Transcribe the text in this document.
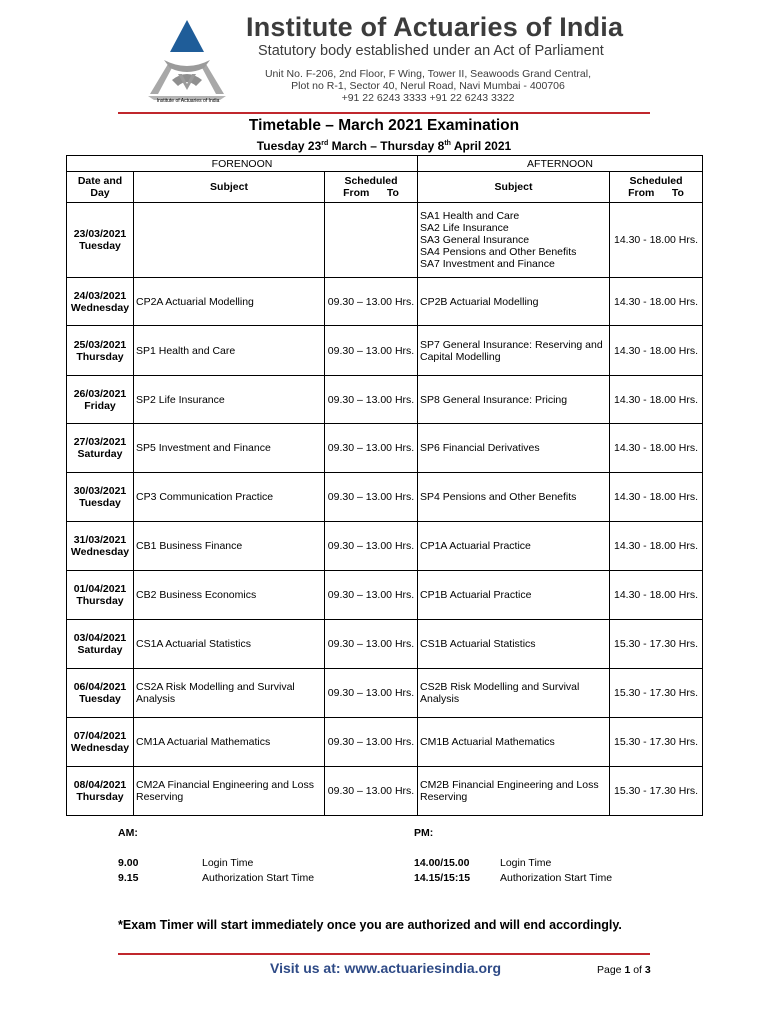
Institute of Actuaries of India
Institute of Actuaries of India
Statutory body established under an Act of Parliament
Unit No. F-206, 2nd Floor, F Wing, Tower II, Seawoods Grand Central,
Plot no R-1, Sector 40, Nerul Road, Navi Mumbai - 400706
+91 22 6243 3333 +91 22 6243 3322
Timetable – March 2021 Examination
Tuesday 23rd March – Thursday 8th April 2021
FORENOON			AFTERNOON	
Date and Day	Subject	Scheduled
From      To	Subject	Scheduled
From      To
23/03/2021
Tuesday			SA1 Health and Care
SA2 Life Insurance
SA3 General Insurance
SA4 Pensions and Other Benefits
SA7 Investment and Finance	14.30 - 18.00 Hrs.
24/03/2021
Wednesday	CP2A Actuarial Modelling	09.30 – 13.00 Hrs.	CP2B Actuarial Modelling	14.30 - 18.00 Hrs.
25/03/2021
Thursday	SP1 Health and Care	09.30 – 13.00 Hrs.	SP7 General Insurance: Reserving and Capital Modelling	14.30 - 18.00 Hrs.
26/03/2021
Friday	SP2 Life Insurance	09.30 – 13.00 Hrs.	SP8 General Insurance: Pricing	14.30 - 18.00 Hrs.
27/03/2021
Saturday	SP5 Investment and Finance	09.30 – 13.00 Hrs.	SP6 Financial Derivatives	14.30 - 18.00 Hrs.
30/03/2021
Tuesday	CP3 Communication Practice	09.30 – 13.00 Hrs.	SP4 Pensions and Other Benefits	14.30 - 18.00 Hrs.
31/03/2021
Wednesday	CB1 Business Finance	09.30 – 13.00 Hrs.	CP1A Actuarial Practice	14.30 - 18.00 Hrs.
01/04/2021
Thursday	CB2 Business Economics	09.30 – 13.00 Hrs.	CP1B Actuarial Practice	14.30 - 18.00 Hrs.
03/04/2021
Saturday	CS1A Actuarial Statistics	09.30 – 13.00 Hrs.	CS1B Actuarial Statistics	15.30 - 17.30 Hrs.
06/04/2021
Tuesday	CS2A Risk Modelling and Survival Analysis	09.30 – 13.00 Hrs.	CS2B Risk Modelling and Survival Analysis	15.30 - 17.30 Hrs.
07/04/2021
Wednesday	CM1A Actuarial Mathematics	09.30 – 13.00 Hrs.	CM1B Actuarial Mathematics	15.30 - 17.30 Hrs.
08/04/2021
Thursday	CM2A Financial Engineering and Loss Reserving	09.30 – 13.00 Hrs.	CM2B Financial Engineering and Loss Reserving	15.30 - 17.30 Hrs.
AM:	PM:
9.00	Login Time
9.15	Authorization Start Time
14.00/15.00	Login Time
14.15/15:15	Authorization Start Time
*Exam Timer will start immediately once you are authorized and will end accordingly.
Visit us at: www.actuariesindia.org	Page 1 of 3
